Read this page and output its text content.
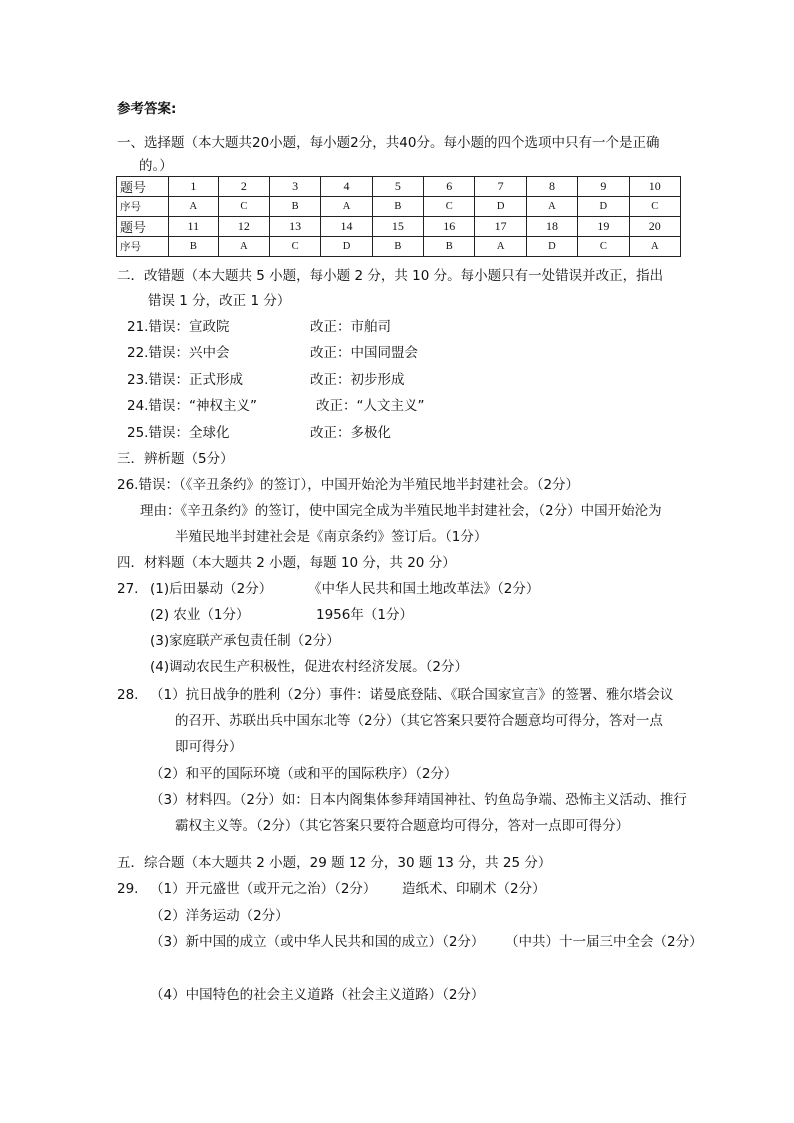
参考答案:
一、选择题（本大题共20小题，每小题2分，共40分。每小题的四个选项中只有一个是正确
的。）
题号	1	2	3	4	5	6	7	8	9	10
序号	A	C	B	A	B	C	D	A	D	C
题号	11	12	13	14	15	16	17	18	19	20
序号	B	A	C	D	B	B	A	D	C	A
二．改错题（本大题共 5 小题，每小题 2 分，共 10 分。每小题只有一处错误并改正，指出
错误 1 分，改正 1 分）
21.错误：宣政院	改正：市舶司
22.错误：兴中会	改正：中国同盟会
23.错误：正式形成	改正：初步形成
24.错误：“神权主义”	改正：“人文主义”
25.错误：全球化	改正：多极化
三．辨析题（5分）
26.错误：（《辛丑条约》的签订），中国开始沦为半殖民地半封建社会。（2分）
理由：《辛丑条约》的签订，使中国完全成为半殖民地半封建社会，（2分）中国开始沦为
半殖民地半封建社会是《南京条约》签订后。（1分）
四．材料题（本大题共 2 小题，每题 10 分，共 20 分）
27. (1)后田暴动（2分）	《中华人民共和国土地改革法》（2分）
(2) 农业（1分）	1956年（1分）
(3)家庭联产承包责任制（2分）
(4)调动农民生产积极性，促进农村经济发展。（2分）
28. （1）抗日战争的胜利（2分）事件：诺曼底登陆、《联合国家宣言》的签署、雅尔塔会议
的召开、苏联出兵中国东北等（2分）（其它答案只要符合题意均可得分，答对一点
即可得分）
（2）和平的国际环境（或和平的国际秩序）（2分）
（3）材料四。（2分）如：日本内阁集体参拜靖国神社、钓鱼岛争端、恐怖主义活动、推行
霸权主义等。（2分）（其它答案只要符合题意均可得分，答对一点即可得分）
五．综合题（本大题共 2 小题，29 题 12 分，30 题 13 分，共 25 分）
29. （1）开元盛世（或开元之治）（2分） 造纸术、印刷术（2分）
（2）洋务运动（2分）
（3）新中国的成立（或中华人民共和国的成立）（2分） （中共）十一届三中全会（2分）
（4）中国特色的社会主义道路（社会主义道路）（2分）
